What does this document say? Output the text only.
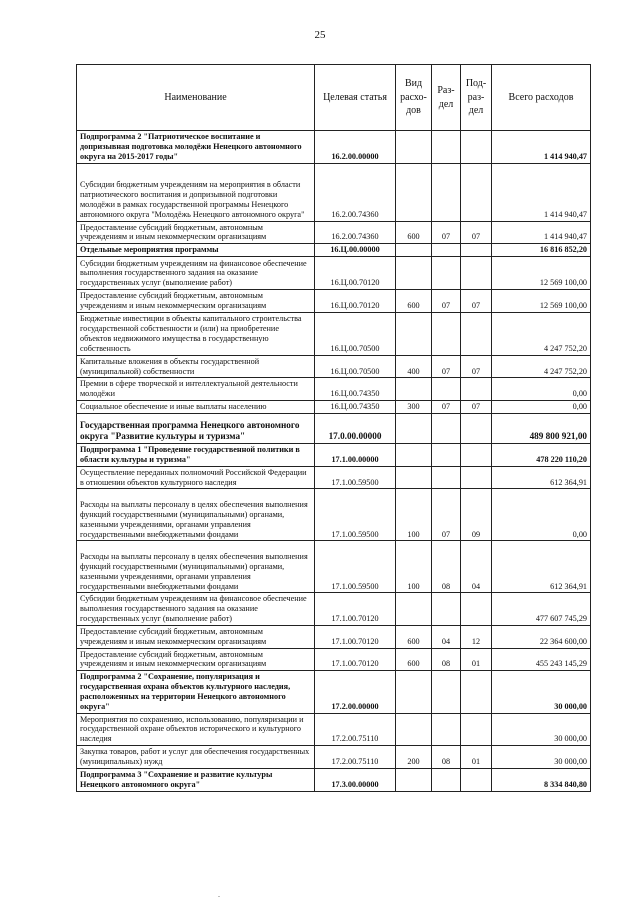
25
Наименование	Целевая статья	Вид расхо-дов	Раз-дел	Под-раз-дел	Всего расходов
Подпрограмма 2 "Патриотическое воспитание и допризывная подготовка молодёжи Ненецкого автономного округа на 2015-2017 годы"	16.2.00.00000				1 414 940,47
Субсидии бюджетным учреждениям на мероприятия в области патриотического воспитания и допризывной подготовки молодёжи в рамках государственной программы Ненецкого автономного округа "Молодёжь Ненецкого автономного округа"	16.2.00.74360				1 414 940,47
Предоставление субсидий бюджетным, автономным учреждениям и иным некоммерческим организациям	16.2.00.74360	600	07	07	1 414 940,47
Отдельные мероприятия программы	16.Ц.00.00000				16 816 852,20
Субсидии бюджетным учреждениям на финансовое обеспечение выполнения государственного задания на оказание государственных услуг (выполнение работ)	16.Ц.00.70120				12 569 100,00
Предоставление субсидий бюджетным, автономным учреждениям и иным некоммерческим организациям	16.Ц.00.70120	600	07	07	12 569 100,00
Бюджетные инвестиции в объекты капитального строительства государственной собственности и (или) на приобретение объектов недвижимого имущества в государственную собственность	16.Ц.00.70500				4 247 752,20
Капитальные вложения в объекты государственной (муниципальной) собственности	16.Ц.00.70500	400	07	07	4 247 752,20
Премии в сфере творческой и интеллектуальной деятельности молодёжи	16.Ц.00.74350				0,00
Социальное обеспечение и иные выплаты населению	16.Ц.00.74350	300	07	07	0,00
Государственная программа Ненецкого автономного округа "Развитие культуры и туризма"	17.0.00.00000				489 800 921,00
Подпрограмма 1 "Проведение государственной политики в области культуры и туризма"	17.1.00.00000				478 220 110,20
Осуществление переданных полномочий Российской Федерации в отношении объектов культурного наследия	17.1.00.59500				612 364,91
Расходы на выплаты персоналу в целях обеспечения выполнения функций государственными (муниципальными) органами, казенными учреждениями, органами управления государственными внебюджетными фондами	17.1.00.59500	100	07	09	0,00
Расходы на выплаты персоналу в целях обеспечения выполнения функций государственными (муниципальными) органами, казенными учреждениями, органами управления государственными внебюджетными фондами	17.1.00.59500	100	08	04	612 364,91
Субсидии бюджетным учреждениям на финансовое обеспечение выполнения государственного задания на оказание государственных услуг (выполнение работ)	17.1.00.70120				477 607 745,29
Предоставление субсидий бюджетным, автономным учреждениям и иным некоммерческим организациям	17.1.00.70120	600	04	12	22 364 600,00
Предоставление субсидий бюджетным, автономным учреждениям и иным некоммерческим организациям	17.1.00.70120	600	08	01	455 243 145,29
Подпрограмма 2 "Сохранение, популяризация и государственная охрана объектов культурного наследия, расположенных на территории Ненецкого автономного округа"	17.2.00.00000				30 000,00
Мероприятия по сохранению, использованию, популяризации и государственной охране объектов исторического и культурного наследия	17.2.00.75110				30 000,00
Закупка товаров, работ и услуг для обеспечения государственных (муниципальных) нужд	17.2.00.75110	200	08	01	30 000,00
Подпрограмма 3 "Сохранение и развитие культуры Ненецкого автономного округа"	17.3.00.00000				8 334 840,80
.
